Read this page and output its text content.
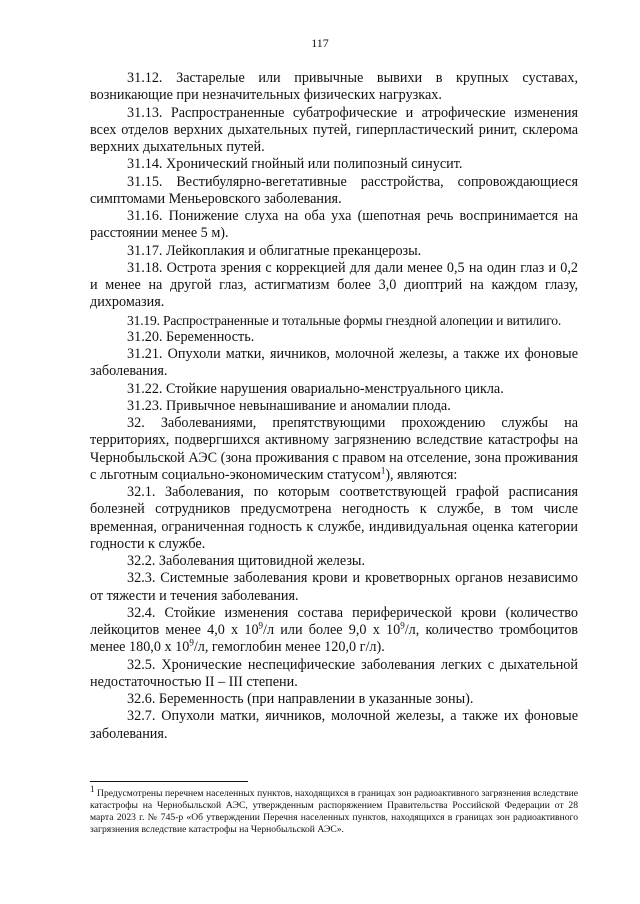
117

31.12. Застарелые или привычные вывихи в крупных суставах, возникающие при незначительных физических нагрузках.

31.13. Распространенные субатрофические и атрофические изменения всех отделов верхних дыхательных путей, гиперпластический ринит, склерома верхних дыхательных путей.

31.14. Хронический гнойный или полипозный синусит.

31.15. Вестибулярно-вегетативные расстройства, сопровождающиеся симптомами Меньеровского заболевания.

31.16. Понижение слуха на оба уха (шепотная речь воспринимается на расстоянии менее 5 м).

31.17. Лейкоплакия и облигатные преканцерозы.

31.18. Острота зрения с коррекцией для дали менее 0,5 на один глаз и 0,2 и менее на другой глаз, астигматизм более 3,0 диоптрий на каждом глазу, дихромазия.

31.19. Распространенные и тотальные формы гнездной алопеции и витилиго.

31.20. Беременность.

31.21. Опухоли матки, яичников, молочной железы, а также их фоновые заболевания.

31.22. Стойкие нарушения овариально-менструального цикла.

31.23. Привычное невынашивание и аномалии плода.

32. Заболеваниями, препятствующими прохождению службы на территориях, подвергшихся активному загрязнению вследствие катастрофы на Чернобыльской АЭС (зона проживания с правом на отселение, зона проживания с льготным социально-экономическим статусом$^1$), являются:

32.1. Заболевания, по которым соответствующей графой расписания болезней сотрудников предусмотрена негодность к службе, в том числе временная, ограниченная годность к службе, индивидуальная оценка категории годности к службе.

32.2. Заболевания щитовидной железы.

32.3. Системные заболевания крови и кроветворных органов независимо от тяжести и течения заболевания.

32.4. Стойкие изменения состава периферической крови (количество лейкоцитов менее 4,0 х $10^9/л$ или более 9,0 х $10^9/л$, количество тромбоцитов менее 180,0 х $10^9/л$, гемоглобин менее 120,0 г/л).

32.5. Хронические неспецифические заболевания легких с дыхательной недостаточностью II – III степени.

32.6. Беременность (при направлении в указанные зоны).

32.7. Опухоли матки, яичников, молочной железы, а также их фоновые заболевания.

1 Предусмотрены перечнем населенных пунктов, находящихся в границах зон радиоактивного загрязнения вследствие катастрофы на Чернобыльской АЭС, утвержденным распоряжением Правительства Российской Федерации от 28 марта 2023 г. № 745-р «Об утверждении Перечня населенных пунктов, находящихся в границах зон радиоактивного загрязнения вследствие катастрофы на Чернобыльской АЭС».
